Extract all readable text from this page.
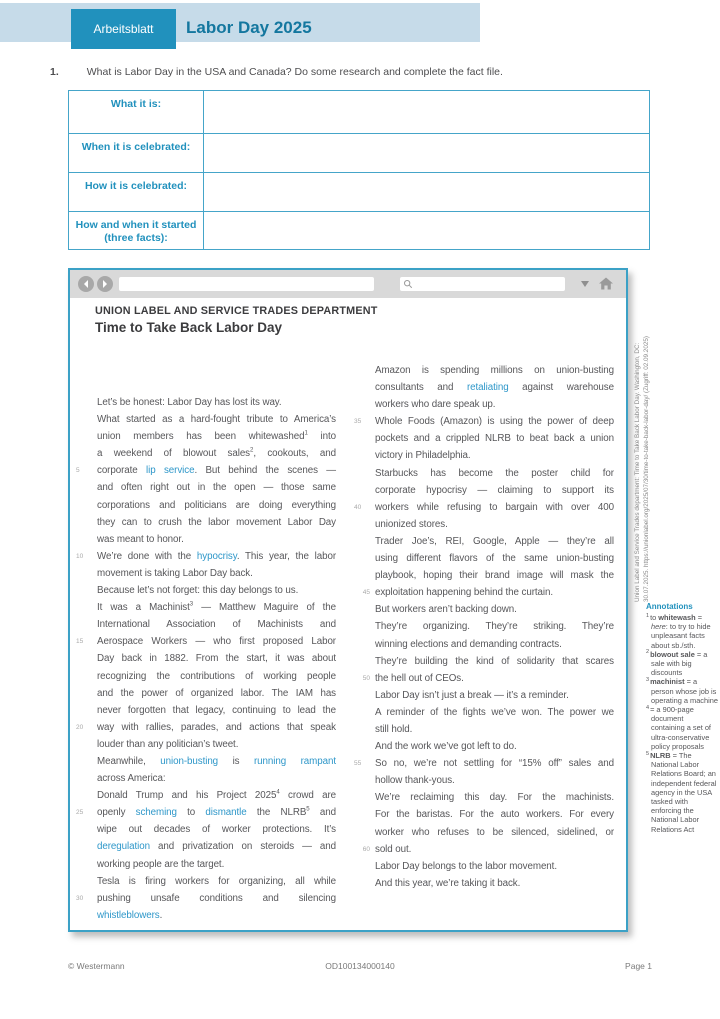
Arbeitsblatt	Labor Day 2025
1.	What is Labor Day in the USA and Canada? Do some research and complete the fact file.
What it is:	
When it is celebrated:	
How it is celebrated:	
How and when it started (three facts):	
UNION LABEL AND SERVICE TRADES DEPARTMENT
Time to Take Back Labor Day
Let’s be honest: Labor Day has lost its way.
What started as a hard-fought tribute to America’s
union members has been whitewashed$^1$ into
a weekend of blowout sales$^2$, cookouts, and
5	corporate lip service. But behind the scenes —
and often right out in the open — those same
corporations and politicians are doing everything
they can to crush the labor movement Labor Day
was meant to honor.
10	We’re done with the hypocrisy. This year, the labor
movement is taking Labor Day back.
Because let’s not forget: this day belongs to us.
It was a Machinist$^3$ — Matthew Maguire of the
International Association of Machinists and
15	Aerospace Workers — who first proposed Labor
Day back in 1882. From the start, it was about
recognizing the contributions of working people
and the power of organized labor. The IAM has
never forgotten that legacy, continuing to lead the
20	way with rallies, parades, and actions that speak
louder than any politician’s tweet.
Meanwhile, union-busting is running rampant
across America:
Donald Trump and his Project 2025$^4$ crowd are
25	openly scheming to dismantle the NLRB$^5$ and
wipe out decades of worker protections. It’s
deregulation and privatization on steroids — and
working people are the target.
Tesla is firing workers for organizing, all while
30	pushing unsafe conditions and silencing
whistleblowers.
Amazon is spending millions on union-busting
consultants and retaliating against warehouse
workers who dare speak up.
35	Whole Foods (Amazon) is using the power of deep
pockets and a crippled NLRB to beat back a union
victory in Philadelphia.
Starbucks has become the poster child for
corporate hypocrisy — claiming to support its
40	workers while refusing to bargain with over 400
unionized stores.
Trader Joe’s, REI, Google, Apple — they’re all
using different flavors of the same union-busting
playbook, hoping their brand image will mask the
45 exploitation happening behind the curtain.
But workers aren’t backing down.
They’re organizing. They’re striking. They’re
winning elections and demanding contracts.
They’re building the kind of solidarity that scares
50 the hell out of CEOs.
Labor Day isn’t just a break — it’s a reminder.
A reminder of the fights we’ve won. The power we
still hold.
And the work we’ve got left to do.
55	So no, we’re not settling for “15% off” sales and
hollow thank-yous.
We’re reclaiming this day. For the machinists.
For the baristas. For the auto workers. For every
worker who refuses to be silenced, sidelined, or
60 sold out.
Labor Day belongs to the labor movement.
And this year, we’re taking it back.
Union Label and Service Trades department: Time to Take Back Labor Day. Washington, DC: 30.07.2025. https://unionlabel.org/2025/07/30/time-to-take-back-labor-day/ (Zugriff: 02.09.2025)
Annotations
$^1$to whitewash = here: to try to hide unpleasant facts about sb./sth.
$^2$blowout sale = a sale with big discounts
$^3$machinist = a person whose job is operating a machine
$^4$= a 900-page document containing a set of ultra-conservative policy proposals
$^5$NLRB = The National Labor Relations Board; an independent federal agency in the USA tasked with enforcing the National Labor Relations Act
© Westermann	OD100134000140	Page 1
